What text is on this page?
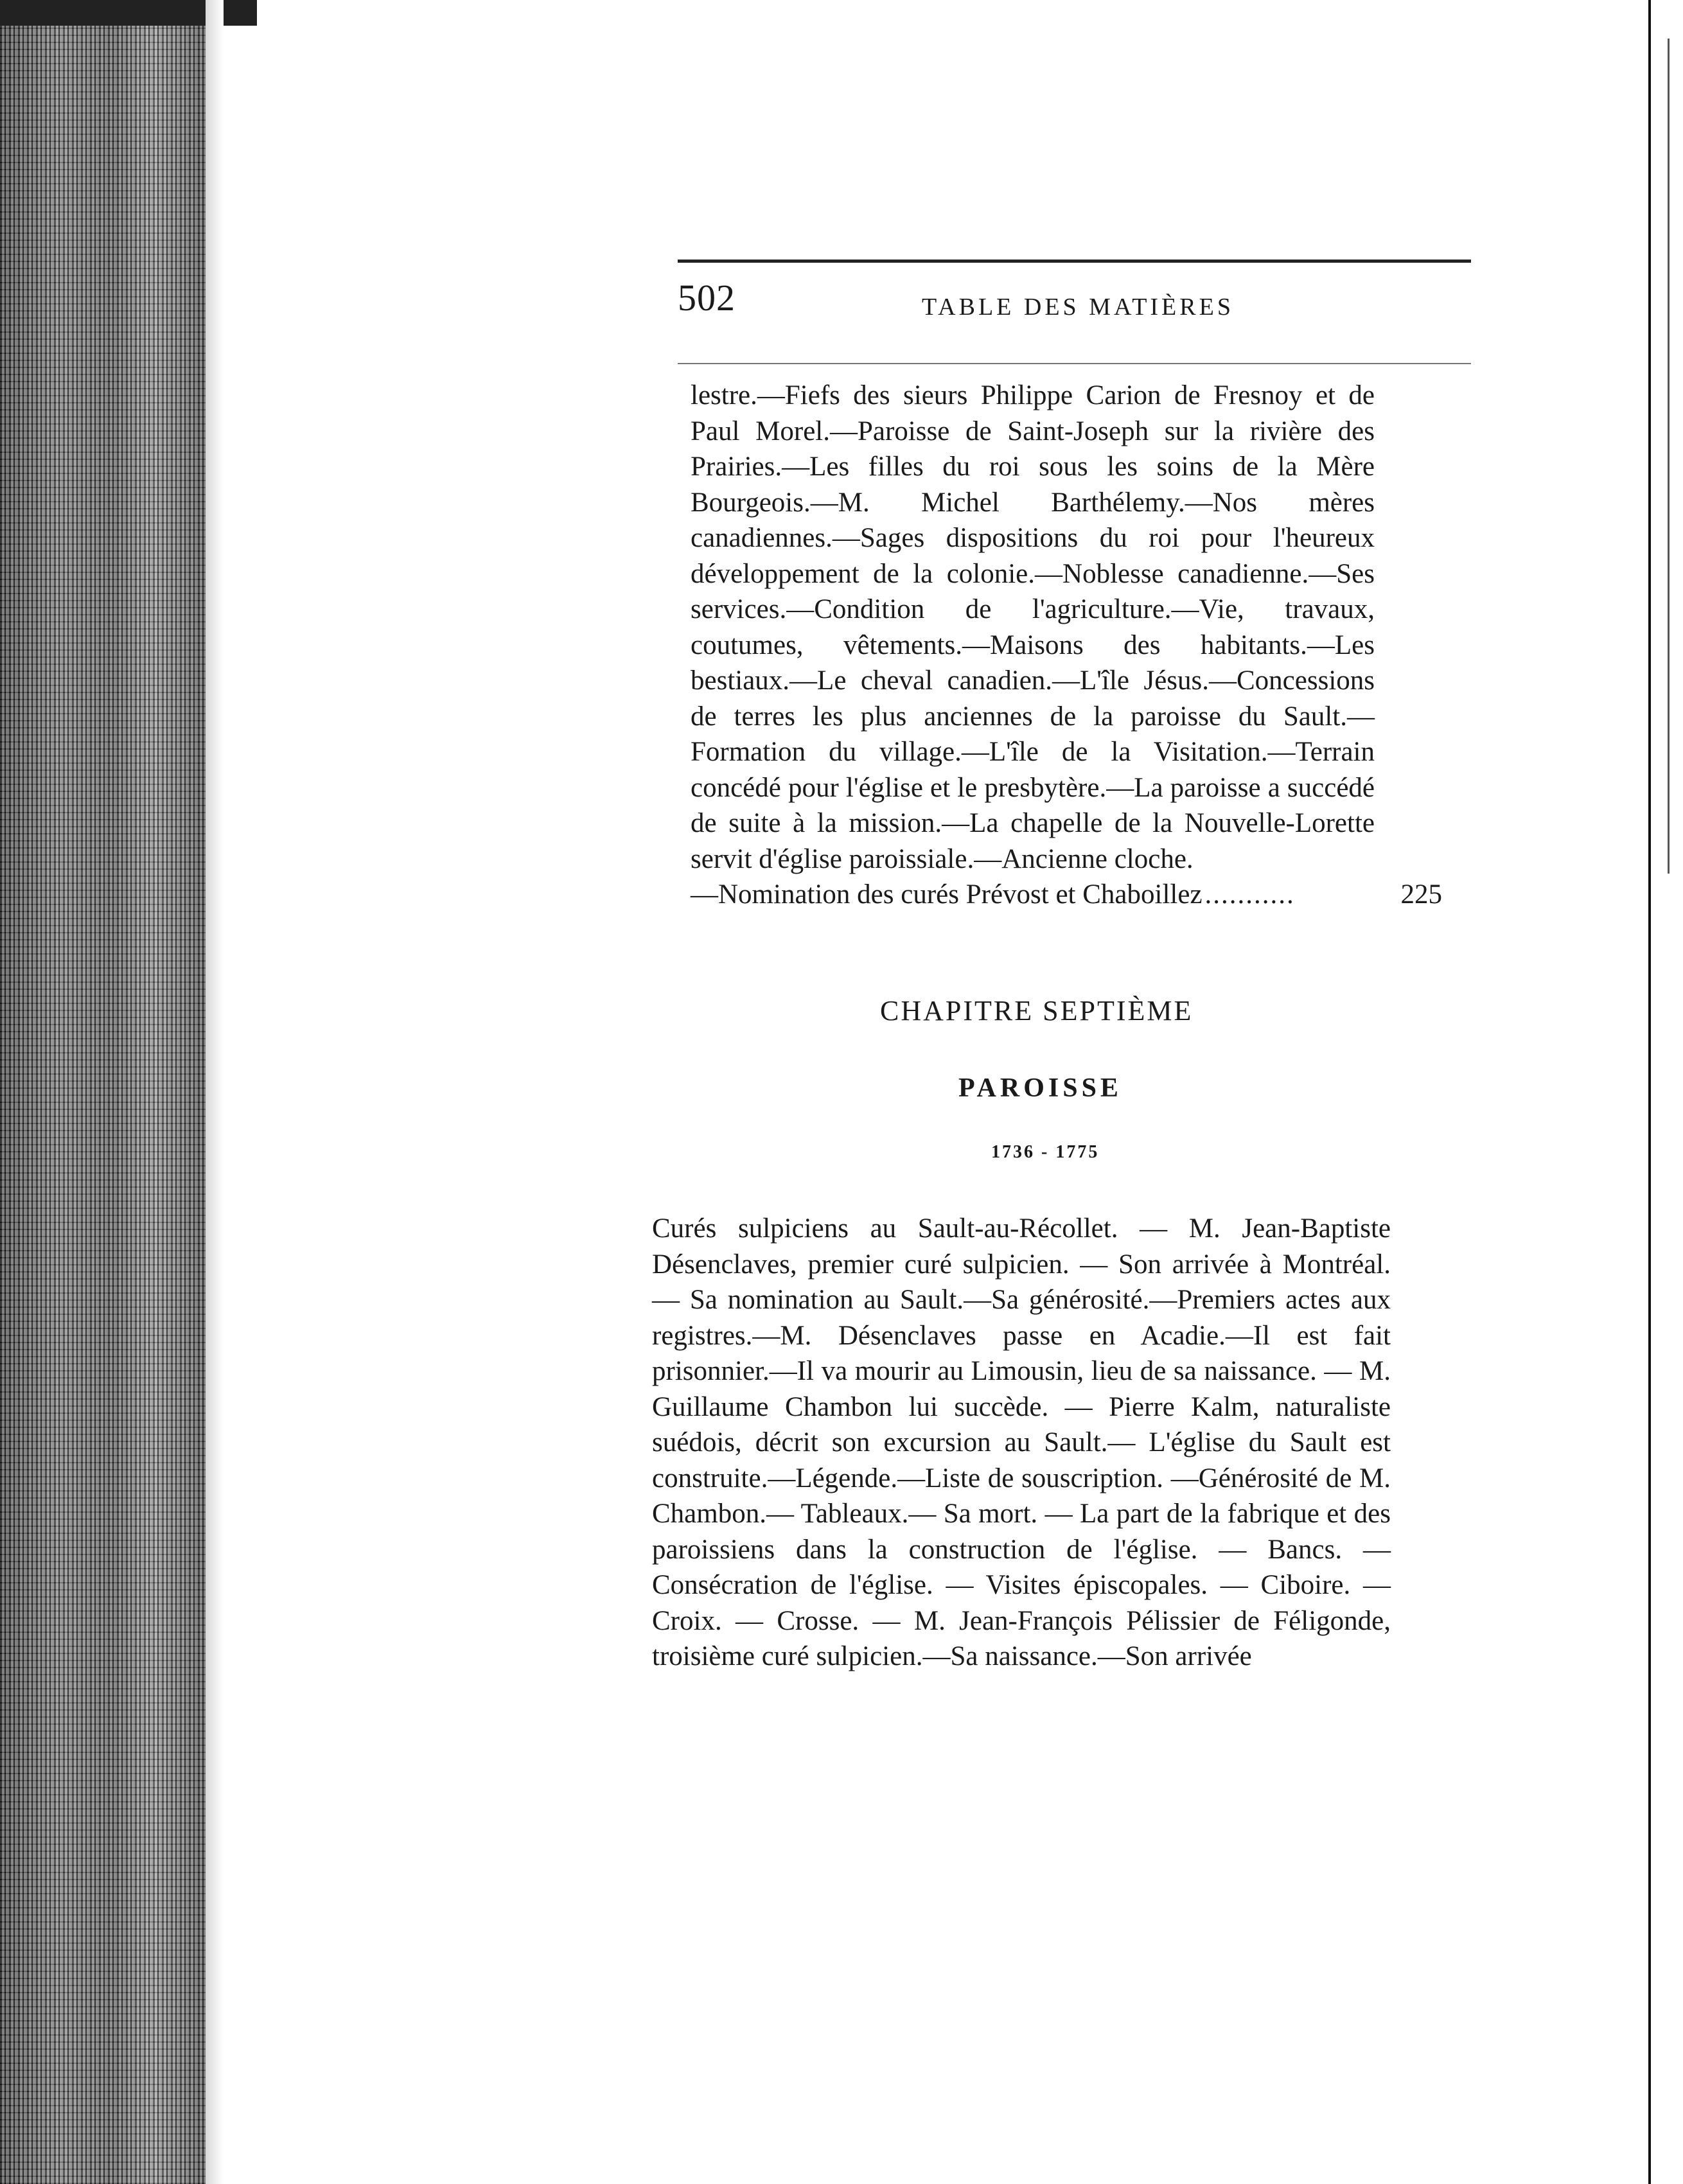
502	TABLE DES MATIÈRES

lestre.—Fiefs des sieurs Philippe Carion de Fresnoy et de Paul Morel.—Paroisse de Saint-Joseph sur la rivière des Prairies.—Les filles du roi sous les soins de la Mère Bourgeois.—M. Michel Barthélemy.—Nos mères canadiennes.—Sages dispositions du roi pour l'heureux développement de la colonie.—Noblesse canadienne.—Ses services.—Condition de l'agriculture.—Vie, travaux, coutumes, vêtements.—Maisons des habitants.—Les bestiaux.—Le cheval canadien.—L'île Jésus.—Concessions de terres les plus anciennes de la paroisse du Sault.—Formation du village.—L'île de la Visitation.—Terrain concédé pour l'église et le presbytère.—La paroisse a succédé de suite à la mission.—La chapelle de la Nouvelle-Lorette servit d'église paroissiale.—Ancienne cloche.

—Nomination des curés Prévost et Chaboillez ...........	225
CHAPITRE SEPTIÈME
PAROISSE
1736 - 1775

Curés sulpiciens au Sault-au-Récollet. — M. Jean-Baptiste Désenclaves, premier curé sulpicien. — Son arrivée à Montréal. — Sa nomination au Sault.—Sa générosité.—Premiers actes aux registres.—M. Désenclaves passe en Acadie.—Il est fait prisonnier.—Il va mourir au Limousin, lieu de sa naissance. — M. Guillaume Chambon lui succède. — Pierre Kalm, naturaliste suédois, décrit son excursion au Sault.— L'église du Sault est construite.—Légende.—Liste de souscription. —Générosité de M. Chambon.— Tableaux.— Sa mort. — La part de la fabrique et des paroissiens dans la construction de l'église. — Bancs. — Consécration de l'église. — Visites épiscopales. — Ciboire. — Croix. — Crosse. — M. Jean-François Pélissier de Féligonde, troisième curé sulpicien.—Sa naissance.—Son arrivée
